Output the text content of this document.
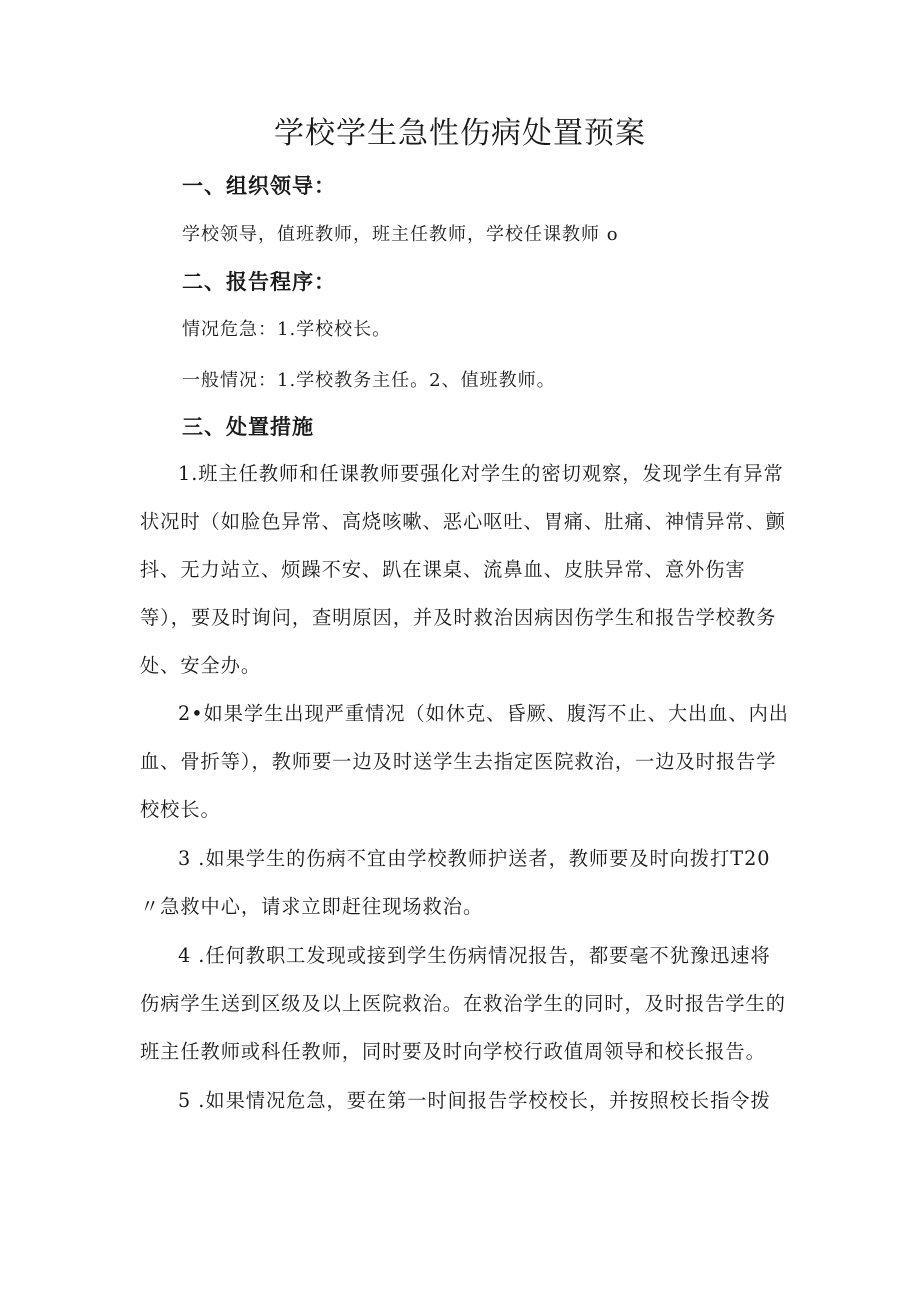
学校学生急性伤病处置预案
一、组织领导：
学校领导，值班教师，班主任教师，学校任课教师 o
二、报告程序：
情况危急：1.学校校长。
一般情况：1.学校教务主任。2、值班教师。
三、处置措施

1.班主任教师和任课教师要强化对学生的密切观察，发现学生有异常状况时（如脸色异常、高烧咳嗽、恶心呕吐、胃痛、肚痛、神情异常、颤抖、无力站立、烦躁不安、趴在课桌、流鼻血、皮肤异常、意外伤害等），要及时询问，查明原因，并及时救治因病因伤学生和报告学校教务处、安全办。

2•如果学生出现严重情况（如休克、昏厥、腹泻不止、大出血、内出血、骨折等），教师要一边及时送学生去指定医院救治，一边及时报告学校校长。

3 .如果学生的伤病不宜由学校教师护送者，教师要及时向拨打T20〃急救中心，请求立即赶往现场救治。

4 .任何教职工发现或接到学生伤病情况报告，都要毫不犹豫迅速将伤病学生送到区级及以上医院救治。在救治学生的同时，及时报告学生的班主任教师或科任教师，同时要及时向学校行政值周领导和校长报告。

5 .如果情况危急，要在第一时间报告学校校长，并按照校长指令拨
